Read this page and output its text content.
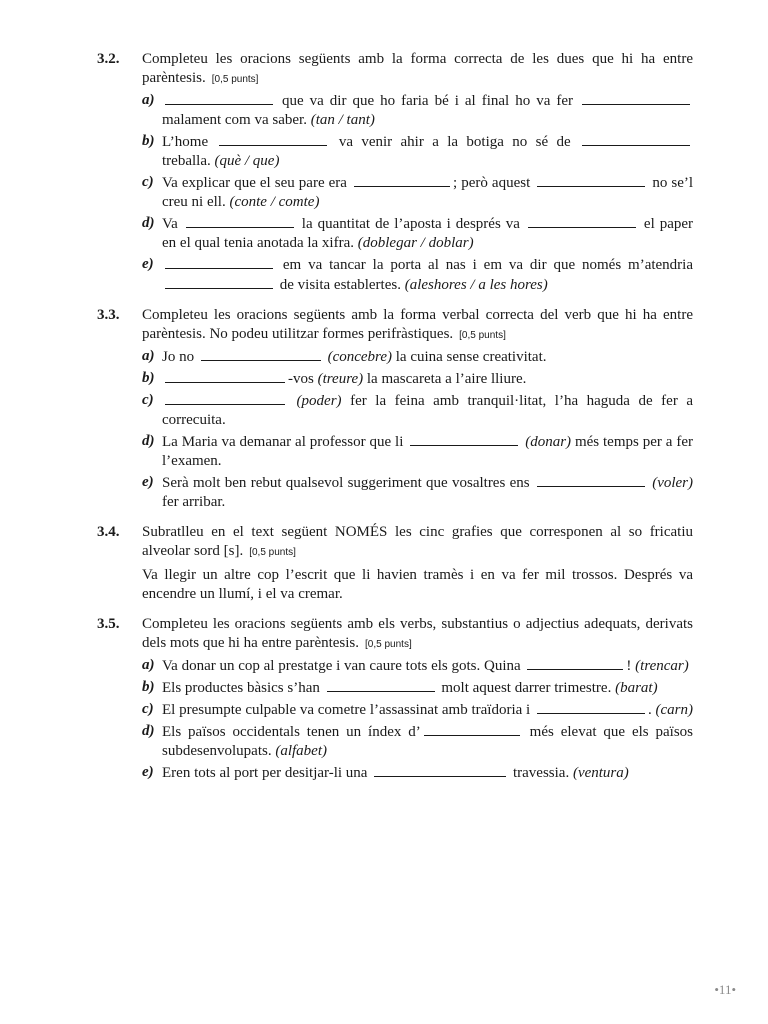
3.2.	Completeu les oracions següents amb la forma correcta de les dues que hi ha entre parèntesis. [0,5 punts]
a)	que va dir que ho faria bé i al final ho va fer  malament com va saber. (tan / tant)
b) L’home	va venir ahir a la botiga no sé de  treballa. (què / que)
c) Va explicar que el seu pare era	; però aquest	no se’l creu ni ell. (conte / comte)
d) Va	la quantitat de l’aposta i després va	el paper en el qual tenia anotada la xifra. (doblegar / doblar)
e)	em va tancar la porta al nas i em va dir que només m’atendria  de visita establertes. (aleshores / a les hores)
3.3.	Completeu les oracions següents amb la forma verbal correcta del verb que hi ha entre parèntesis. No podeu utilitzar formes perifràstiques. [0,5 punts]
a) Jo no	(concebre) la cuina sense creativitat.
b)	-vos (treure) la mascareta a l’aire lliure.
c)	(poder) fer la feina amb tranquil·litat, l’ha haguda de fer a correcuita.
d) La Maria va demanar al professor que li	(donar) més temps per a fer l’examen.
e) Serà molt ben rebut qualsevol suggeriment que vosaltres ens	(voler) fer arribar.
3.4.	Subratlleu en el text següent NOMÉS les cinc grafies que corresponen al so fricatiu alveolar sord [s]. [0,5 punts]
Va llegir un altre cop l’escrit que li havien tramès i en va fer mil trossos. Després va encendre un llumí, i el va cremar.
3.5.	Completeu les oracions següents amb els verbs, substantius o adjectius adequats, derivats dels mots que hi ha entre parèntesis. [0,5 punts]
a) Va donar un cop al prestatge i van caure tots els gots. Quina	! (trencar)
b) Els productes bàsics s’han	molt aquest darrer trimestre. (barat)
c) El presumpte culpable va cometre l’assassinat amb traïdoria i	. (carn)
d) Els països occidentals tenen un índex d’	més elevat que els països subdesenvolupats. (alfabet)
e) Eren tots al port per desitjar-li una	travessia. (ventura)
•11•
